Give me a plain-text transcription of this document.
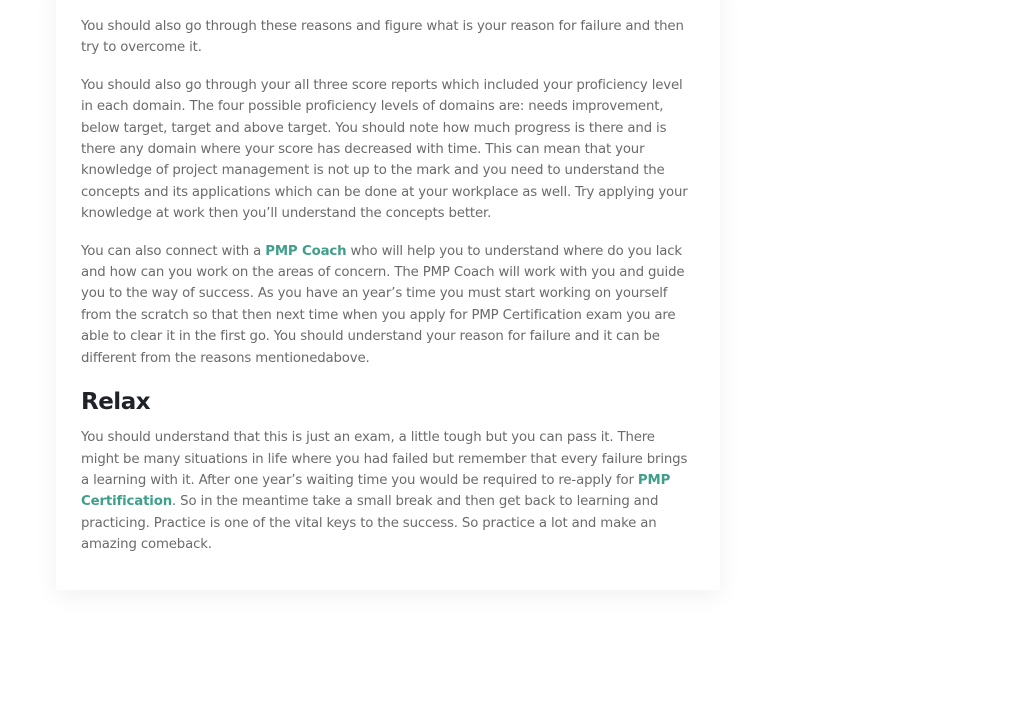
You should also go through these reasons and figure what is your reason for failure and then try to overcome it.

You should also go through your all three score reports which included your proficiency level in each domain. The four possible proficiency levels of domains are: needs improvement, below target, target and above target. You should note how much progress is there and is there any domain where your score has decreased with time. This can mean that your knowledge of project management is not up to the mark and you need to understand the concepts and its applications which can be done at your workplace as well. Try applying your knowledge at work then you’ll understand the concepts better.

You can also connect with a PMP Coach who will help you to understand where do you lack and how can you work on the areas of concern. The PMP Coach will work with you and guide you to the way of success. As you have an year’s time you must start working on yourself from the scratch so that then next time when you apply for PMP Certification exam you are able to clear it in the first go. You should understand your reason for failure and it can be different from the reasons mentionedabove.

Relax

You should understand that this is just an exam, a little tough but you can pass it. There might be many situations in life where you had failed but remember that every failure brings a learning with it. After one year’s waiting time you would be required to re-apply for PMP Certification. So in the meantime take a small break and then get back to learning and practicing. Practice is one of the vital keys to the success. So practice a lot and make an amazing comeback.
